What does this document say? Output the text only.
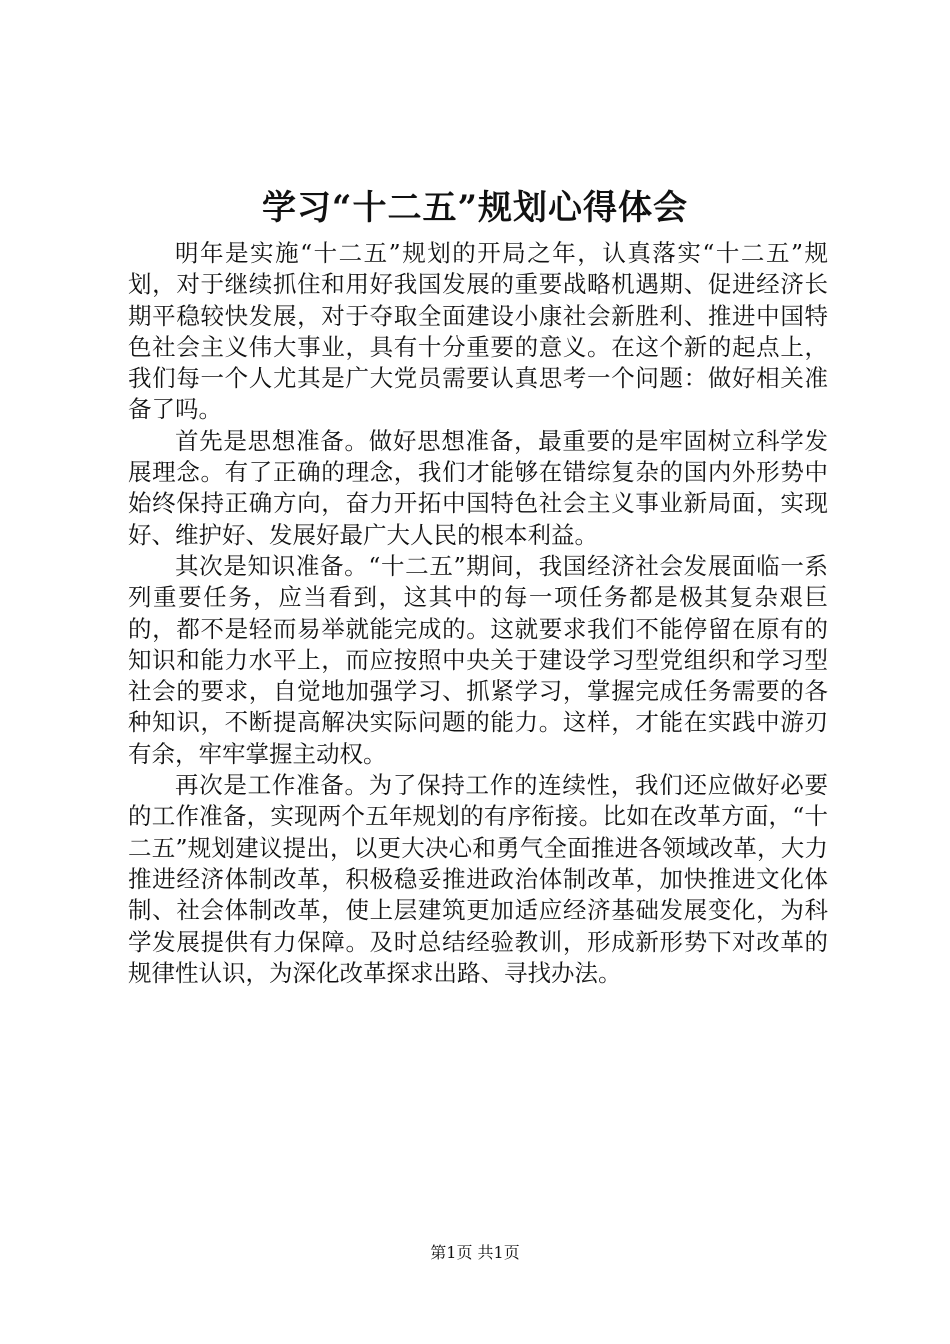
学习“十二五”规划心得体会

明年是实施“十二五”规划的开局之年，认真落实“十二五”规划，对于继续抓住和用好我国发展的重要战略机遇期、促进经济长期平稳较快发展，对于夺取全面建设小康社会新胜利、推进中国特色社会主义伟大事业，具有十分重要的意义。在这个新的起点上，我们每一个人尤其是广大党员需要认真思考一个问题：做好相关准备了吗。

首先是思想准备。做好思想准备，最重要的是牢固树立科学发展理念。有了正确的理念，我们才能够在错综复杂的国内外形势中始终保持正确方向，奋力开拓中国特色社会主义事业新局面，实现好、维护好、发展好最广大人民的根本利益。

其次是知识准备。“十二五”期间，我国经济社会发展面临一系列重要任务，应当看到，这其中的每一项任务都是极其复杂艰巨的，都不是轻而易举就能完成的。这就要求我们不能停留在原有的知识和能力水平上，而应按照中央关于建设学习型党组织和学习型社会的要求，自觉地加强学习、抓紧学习，掌握完成任务需要的各种知识，不断提高解决实际问题的能力。这样，才能在实践中游刃有余，牢牢掌握主动权。

再次是工作准备。为了保持工作的连续性，我们还应做好必要的工作准备，实现两个五年规划的有序衔接。比如在改革方面，“十二五”规划建议提出，以更大决心和勇气全面推进各领域改革，大力推进经济体制改革，积极稳妥推进政治体制改革，加快推进文化体制、社会体制改革，使上层建筑更加适应经济基础发展变化，为科学发展提供有力保障。及时总结经验教训，形成新形势下对改革的规律性认识，为深化改革探求出路、寻找办法。

第1页 共1页
